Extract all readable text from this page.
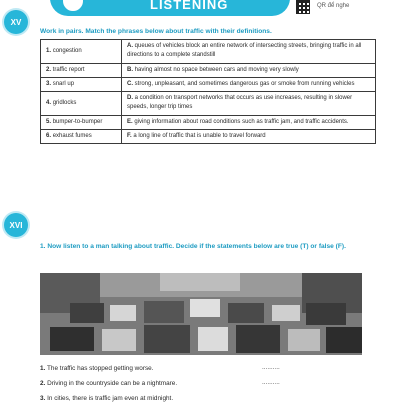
LISTENING	QR để nghe
XV
Work in pairs. Match the phrases below about traffic with their definitions.
1. congestion	A. queues of vehicles block an entire network of intersecting streets, bringing traffic in all directions to a complete standstill
2. traffic report	B. having almost no space between cars and moving very slowly
3. snarl up	C. strong, unpleasant, and sometimes dangerous gas or smoke from running vehicles
4. gridlocks	D. a condition on transport networks that occurs as use increases, resulting in slower speeds, longer trip times
5. bumper-to-bumper	E. giving information about road conditions such as traffic jam, and traffic accidents.
6. exhaust fumes	F. a long line of traffic that is unable to travel forward
XVI
1. Now listen to a man talking about traffic. Decide if the statements below are true (T) or false (F).
1. The traffic has stopped getting worse.	..........
2. Driving in the countryside can be a nightmare.	..........
3. In cities, there is traffic jam even at midnight.
